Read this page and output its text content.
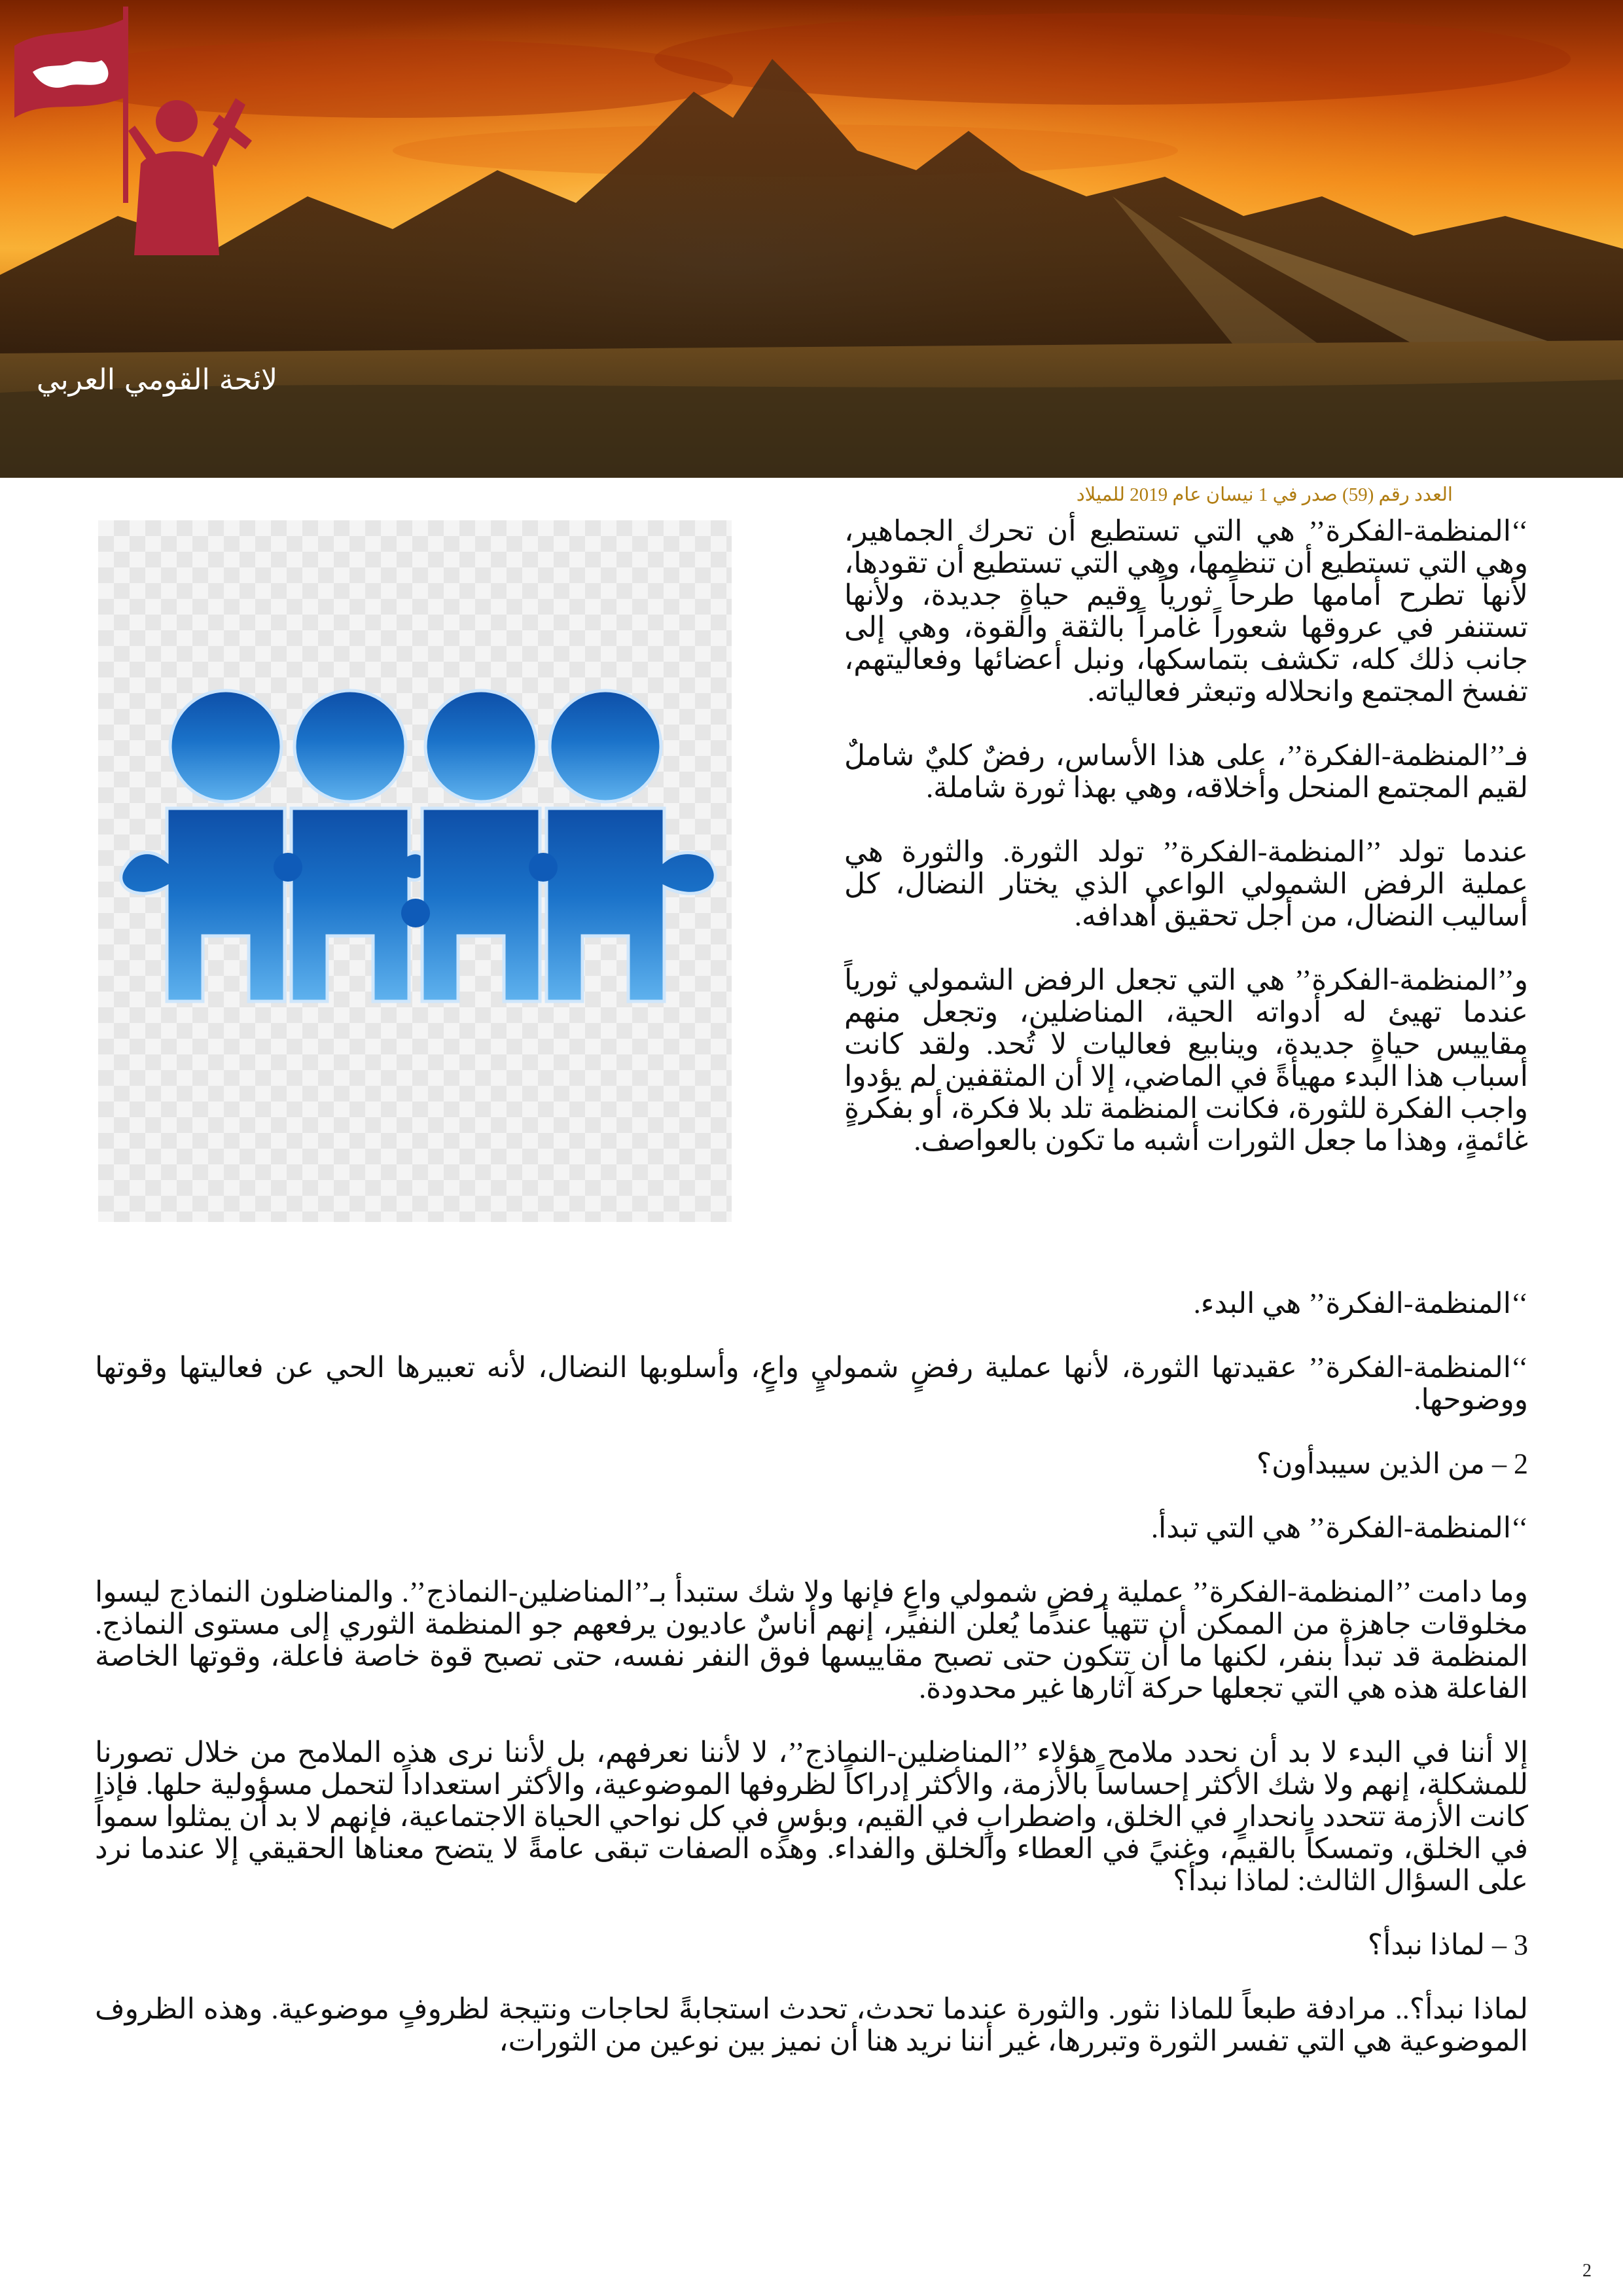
لائحة القومي العربي
العدد رقم (59) صدر في 1 نيسان عام 2019 للميلاد

‘‘المنظمة-الفكرة’’ هي التي تستطيع أن تحرك الجماهير، وهي التي تستطيع أن تنظمها، وهي التي تستطيع أن تقودها، لأنها تطرح أمامها طرحاً ثورياً وقيم حياةٍ جديدة، ولأنها تستنفر في عروقها شعوراً غامراً بالثقة والقوة، وهي إلى جانب ذلك كله، تكشف بتماسكها، ونبل أعضائها وفعاليتهم، تفسخ المجتمع وانحلاله وتبعثر فعالياته.

فـ’’المنظمة-الفكرة’’، على هذا الأساس، رفضٌ كليٌ شاملٌ لقيم المجتمع المنحل وأخلاقه، وهي بهذا ثورة شاملة.

عندما تولد ’’المنظمة-الفكرة’’ تولد الثورة. والثورة هي عملية الرفض الشمولي الواعي الذي يختار النضال، كل أساليب النضال، من أجل تحقيق أهدافه.

و’’المنظمة-الفكرة’’ هي التي تجعل الرفض الشمولي ثورياً عندما تهيئ له أدواته الحية، المناضلين، وتجعل منهم مقاييس حياةٍ جديدة، وينابيع فعاليات لا تُحد. ولقد كانت أسباب هذا البدء مهيأةً في الماضي، إلا أن المثقفين لم يؤدوا واجب الفكرة للثورة، فكانت المنظمة تلد بلا فكرة، أو بفكرةٍ غائمةٍ، وهذا ما جعل الثورات أشبه ما تكون بالعواصف.

‘‘المنظمة-الفكرة’’ هي البدء.

‘‘المنظمة-الفكرة’’ عقيدتها الثورة، لأنها عملية رفضٍ شموليٍ واعٍ، وأسلوبها النضال، لأنه تعبيرها الحي عن فعاليتها وقوتها ووضوحها.

2 – من الذين سيبدأون؟

‘‘المنظمة-الفكرة’’ هي التي تبدأ.

وما دامت ’’المنظمة-الفكرة’’ عملية رفضٍ شمولي واعٍ فإنها ولا شك ستبدأ بـ’’المناضلين-النماذج’’. والمناضلون النماذج ليسوا مخلوقات جاهزة من الممكن أن تتهيأ عندما يُعلن النفير، إنهم أناسٌ عاديون يرفعهم جو المنظمة الثوري إلى مستوى النماذج. المنظمة قد تبدأ بنفر، لكنها ما أن تتكون حتى تصبح مقاييسها فوق النفر نفسه، حتى تصبح قوة خاصة فاعلة، وقوتها الخاصة الفاعلة هذه هي التي تجعلها حركة آثارها غير محدودة.

إلا أننا في البدء لا بد أن نحدد ملامح هؤلاء ’’المناضلين-النماذج’’، لا لأننا نعرفهم، بل لأننا نرى هذه الملامح من خلال تصورنا للمشكلة، إنهم ولا شك الأكثر إحساساً بالأزمة، والأكثر إدراكاً لظروفها الموضوعية، والأكثر استعداداً لتحمل مسؤولية حلها. فإذا كانت الأزمة تتحدد بانحدارٍ في الخلق، واضطرابٍ في القيم، وبؤسٍ في كل نواحي الحياة الاجتماعية، فإنهم لا بد أن يمثلوا سمواً في الخلق، وتمسكاً بالقيم، وغنيً في العطاء والخلق والفداء. وهذه الصفات تبقى عامةً لا يتضح معناها الحقيقي إلا عندما نرد على السؤال الثالث: لماذا نبدأ؟

3 – لماذا نبدأ؟

لماذا نبدأ؟.. مرادفة طبعاً للماذا نثور. والثورة عندما تحدث، تحدث استجابةً لحاجات ونتيجة لظروفٍ موضوعية. وهذه الظروف الموضوعية هي التي تفسر الثورة وتبررها، غير أننا نريد هنا أن نميز بين نوعين من الثورات،

2
